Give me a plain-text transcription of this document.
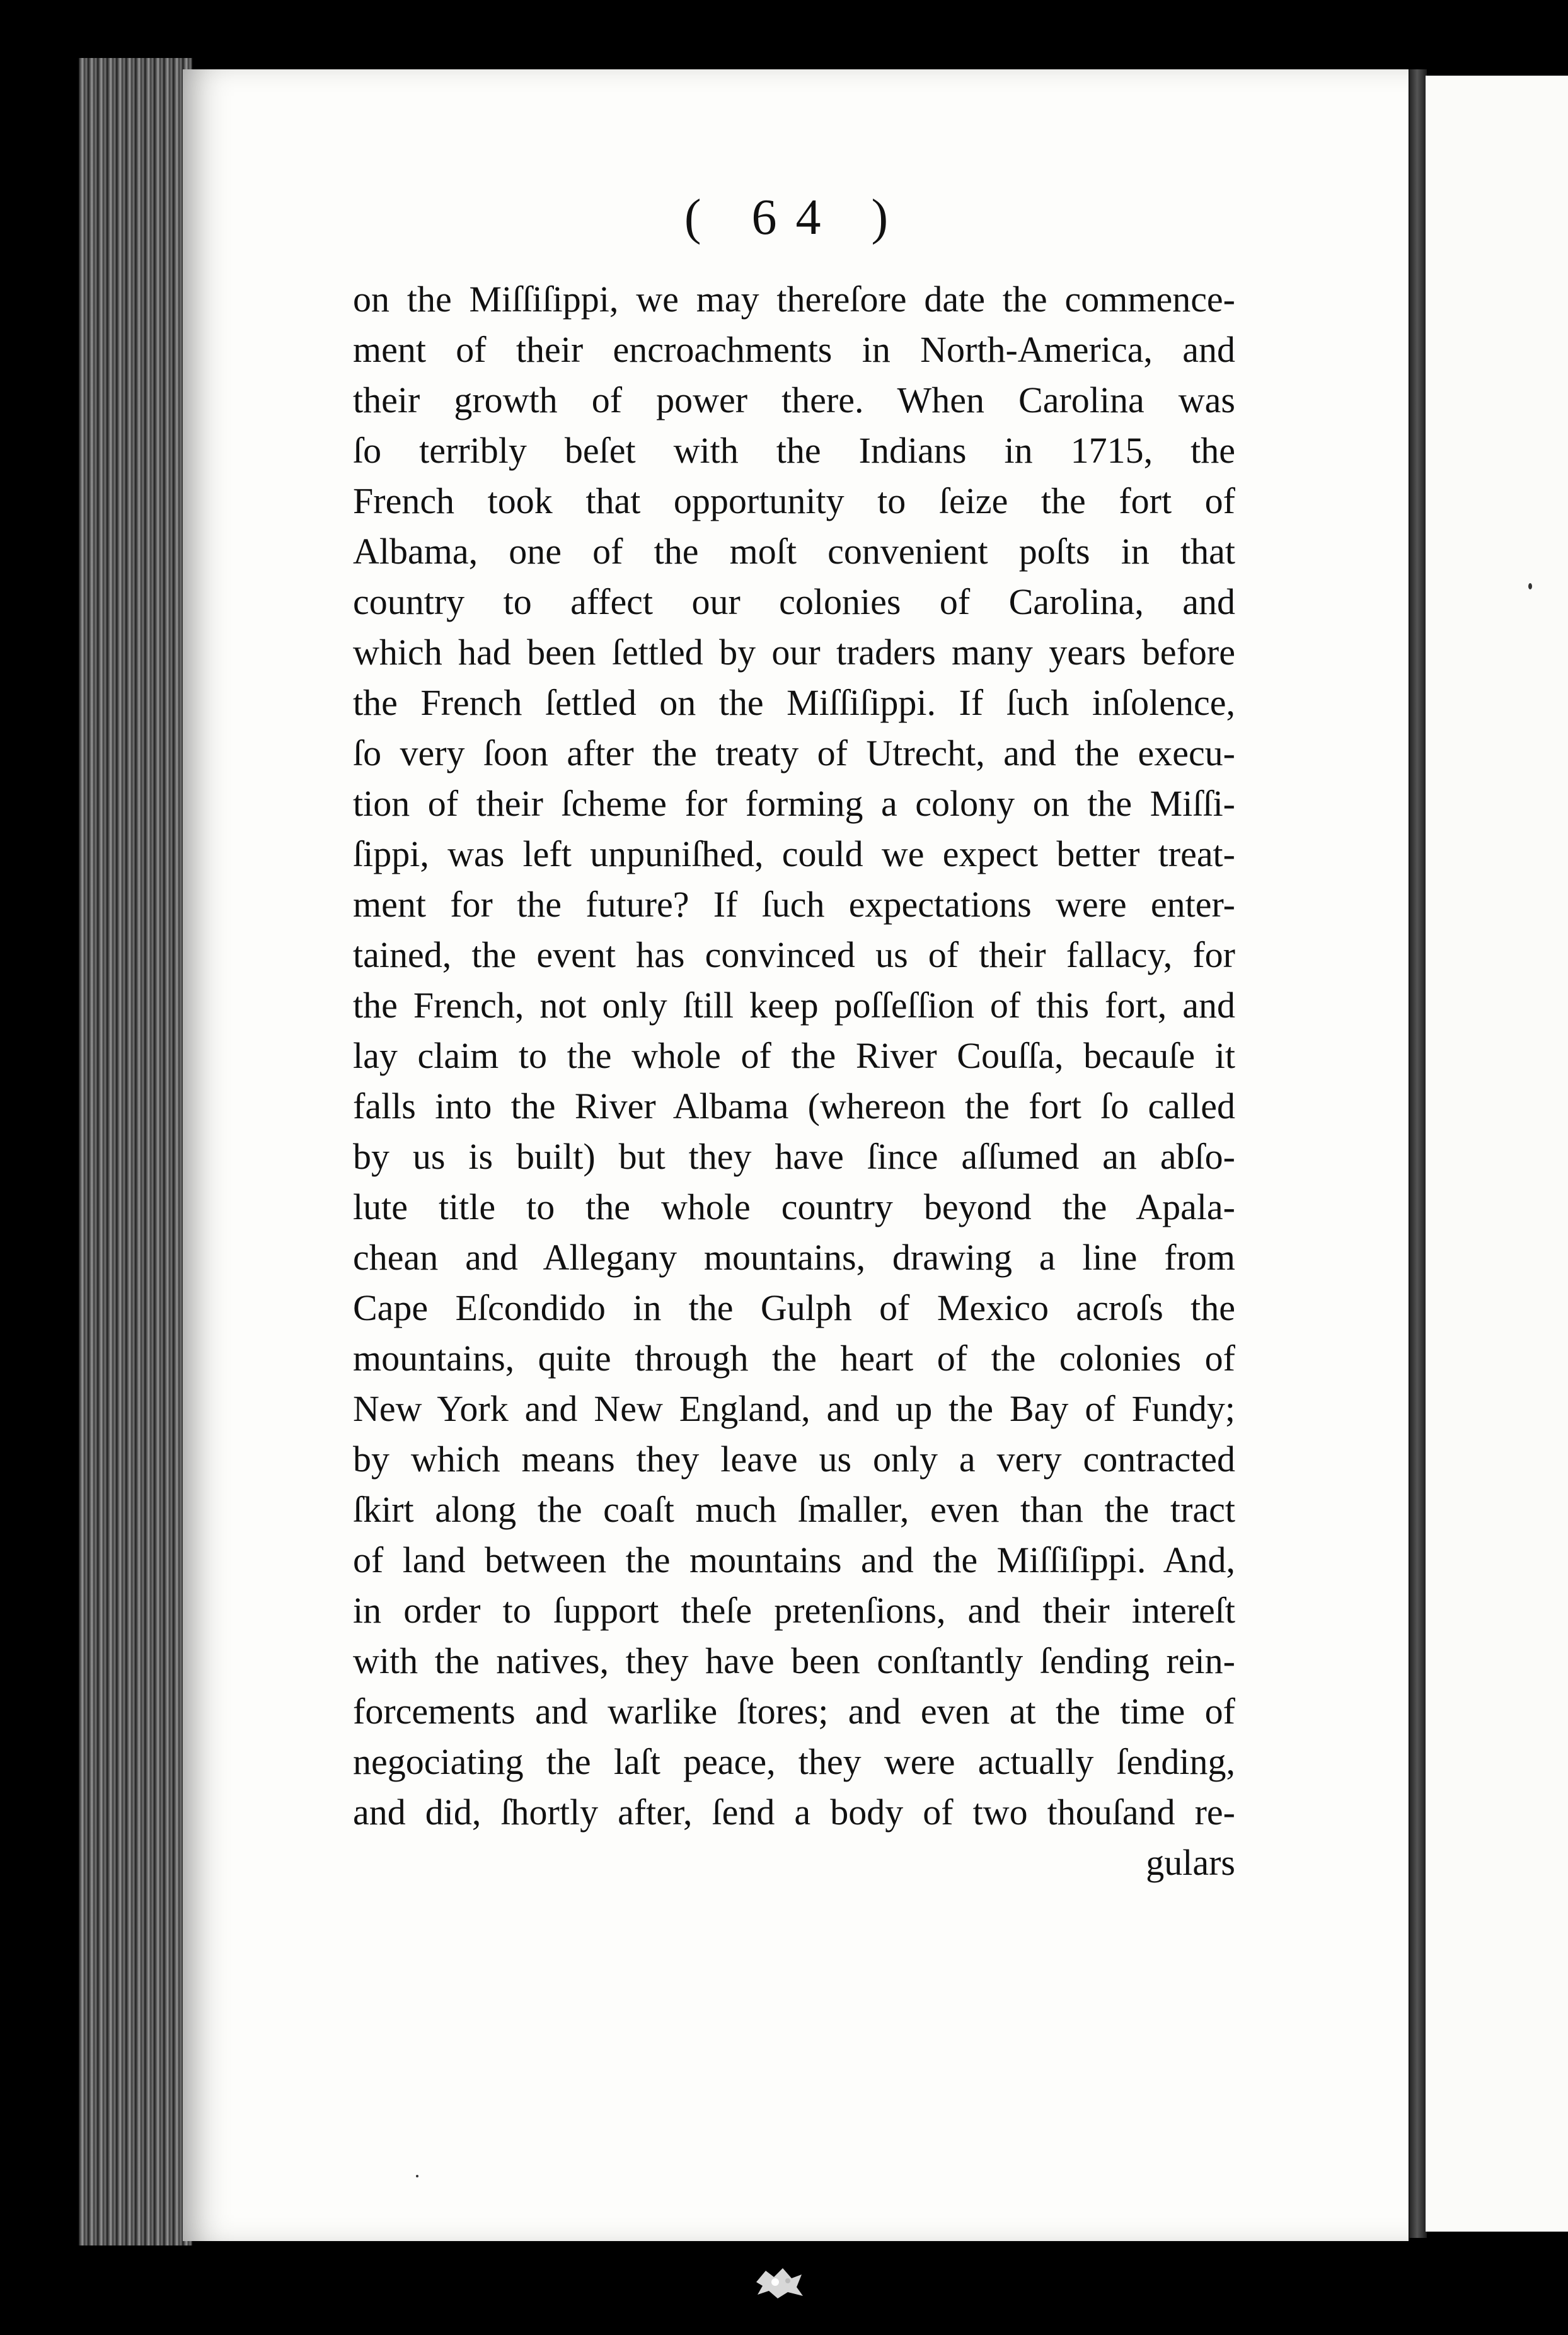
( 64 )
on the Miſſiſippi, we may thereſore date the commence-
ment of their encroachments in North-America, and
their growth of power there. When Carolina was
ſo terribly beſet with the Indians in 1715, the
French took that opportunity to ſeize the fort of
Albama, one of the moſt convenient poſts in that
country to affect our colonies of Carolina, and
which had been ſettled by our traders many years before
the French ſettled on the Miſſiſippi. If ſuch inſolence,
ſo very ſoon after the treaty of Utrecht, and the execu-
tion of their ſcheme for forming a colony on the Miſſi-
ſippi, was left unpuniſhed, could we expect better treat-
ment for the future? If ſuch expectations were enter-
tained, the event has convinced us of their fallacy, for
the French, not only ſtill keep poſſeſſion of this fort, and
lay claim to the whole of the River Couſſa, becauſe it
falls into the River Albama (whereon the fort ſo called
by us is built) but they have ſince aſſumed an abſo-
lute title to the whole country beyond the Apala-
chean and Allegany mountains, drawing a line from
Cape Eſcondido in the Gulph of Mexico acroſs the
mountains, quite through the heart of the colonies of
New York and New England, and up the Bay of Fundy;
by which means they leave us only a very contracted
ſkirt along the coaſt much ſmaller, even than the tract
of land between the mountains and the Miſſiſippi. And,
in order to ſupport theſe pretenſions, and their intereſt
with the natives, they have been conſtantly ſending rein-
forcements and warlike ſtores; and even at the time of
negociating the laſt peace, they were actually ſending,
and did, ſhortly after, ſend a body of two thouſand re-
gulars
